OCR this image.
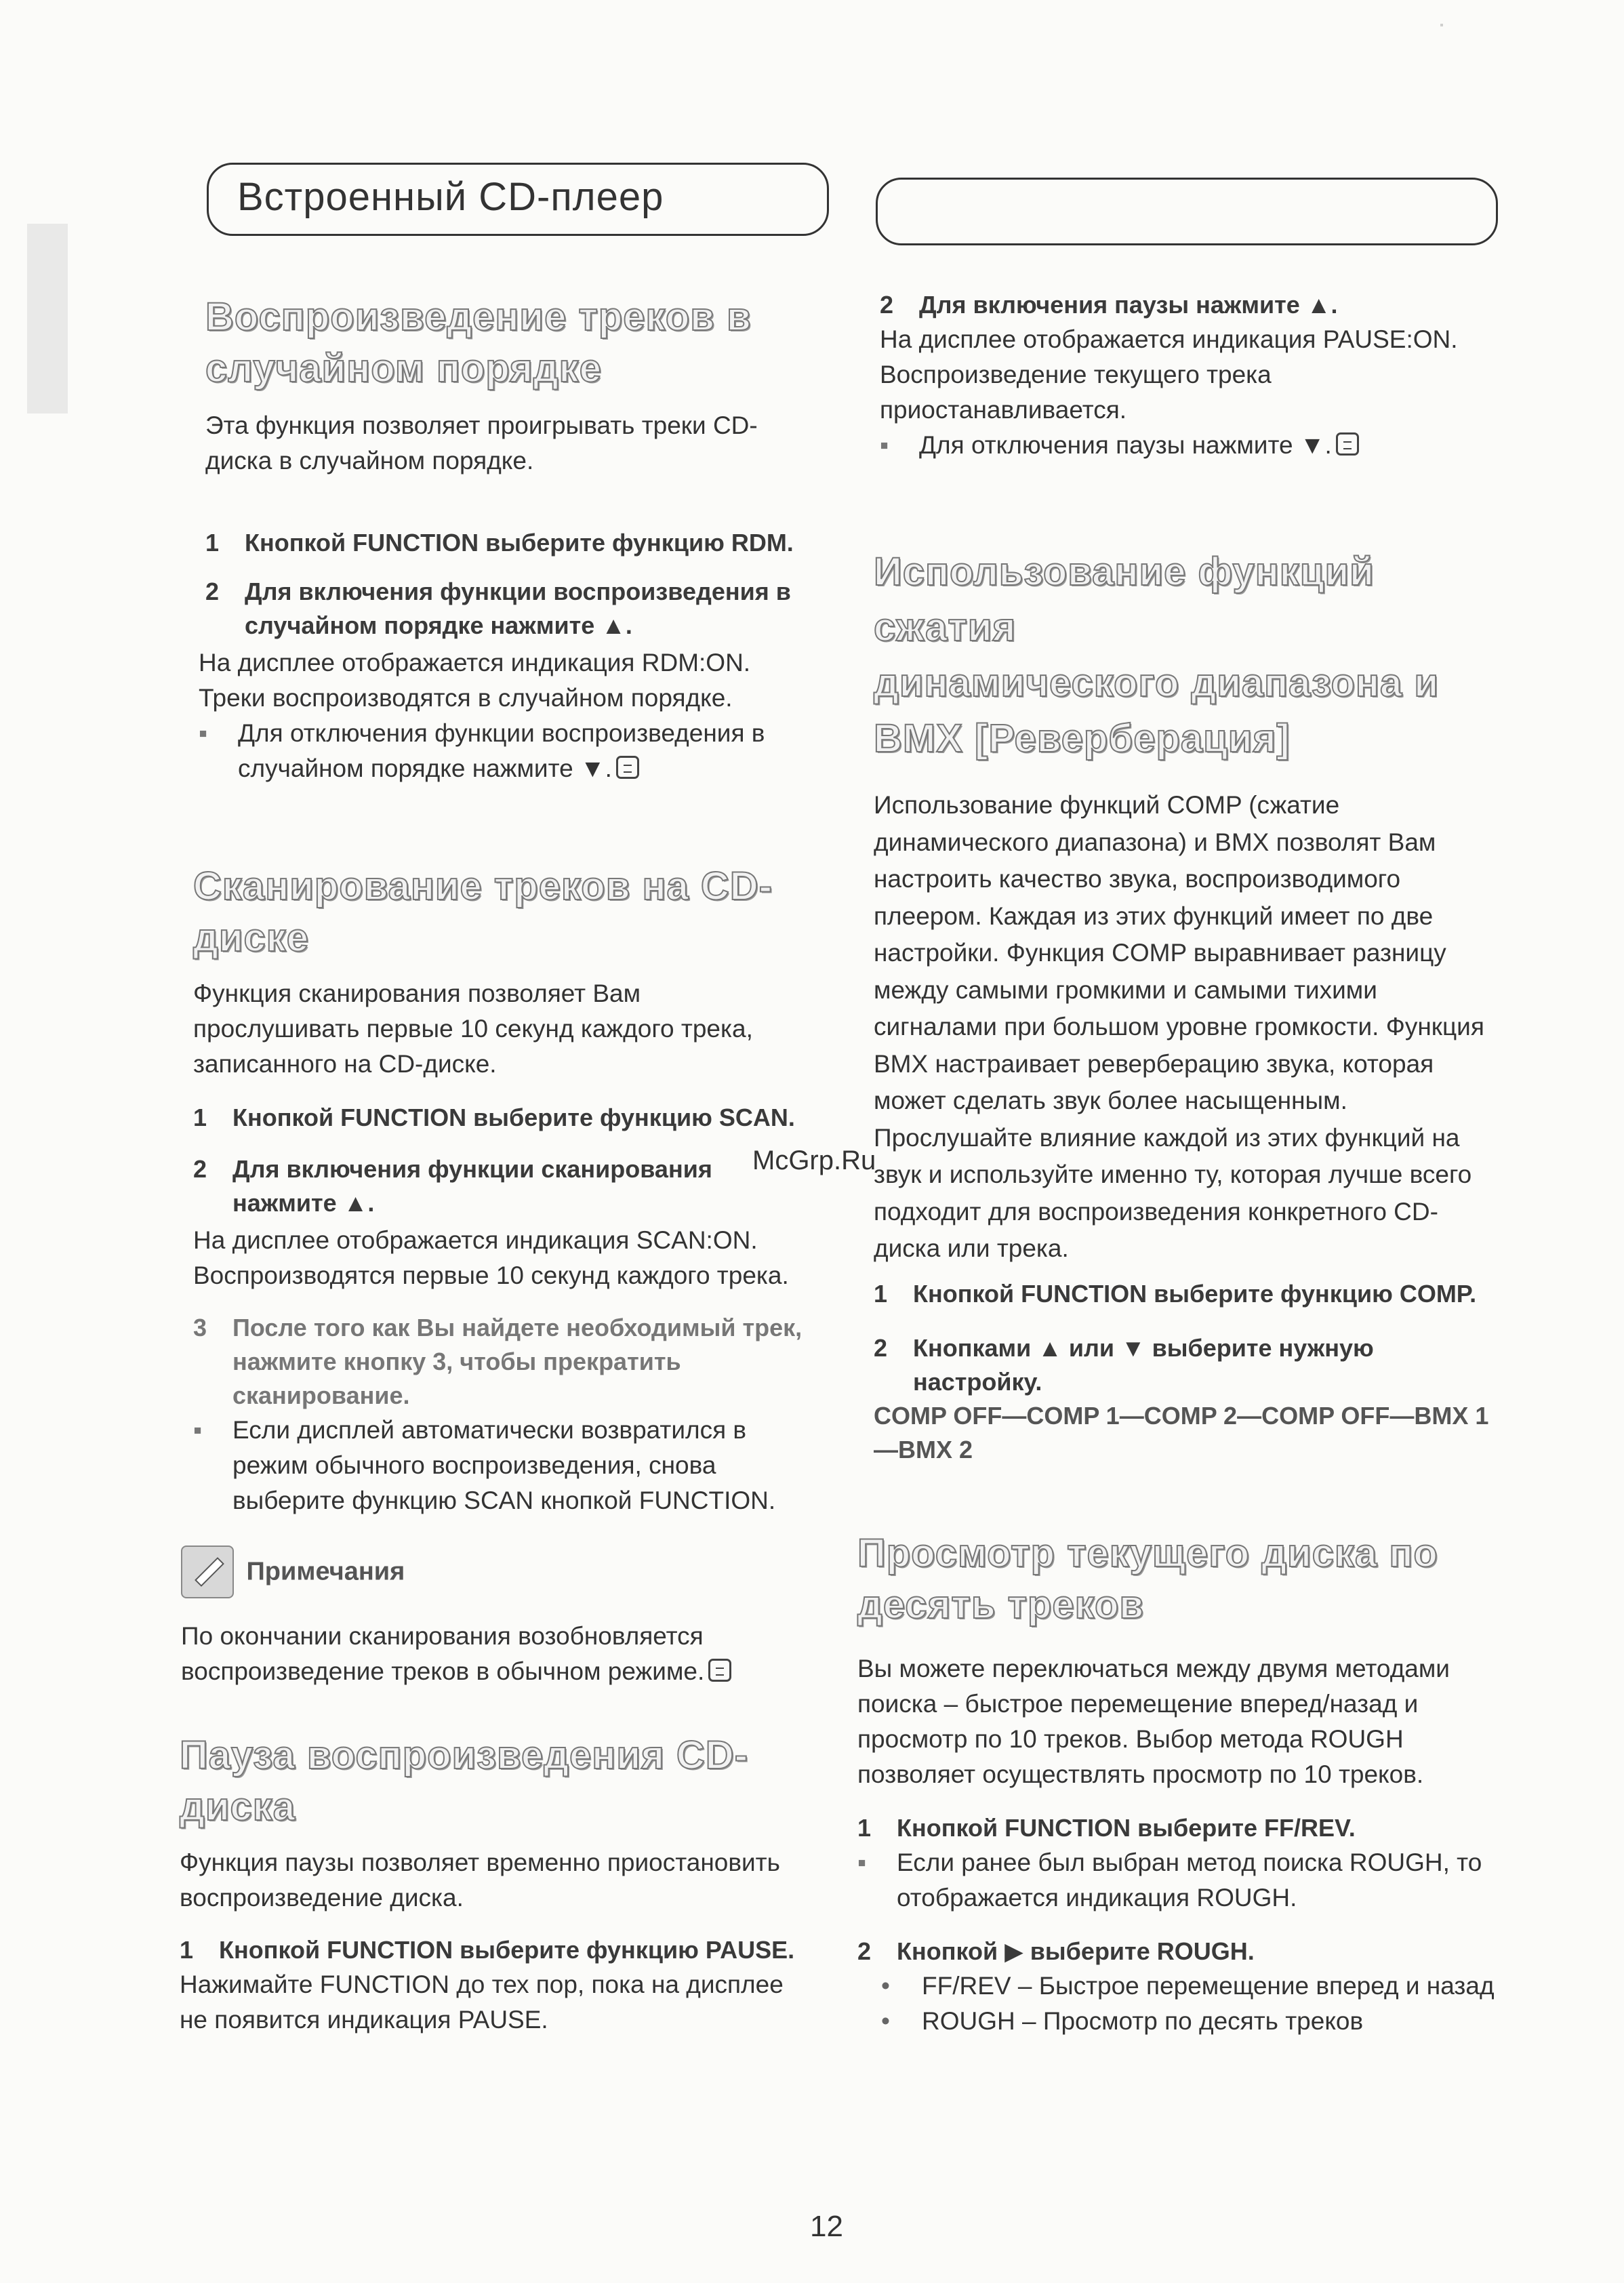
Встроенный CD-плеер
Воспроизведение треков в
случайном порядке

Эта функция позволяет проигрывать треки CD-диска в случайном порядке.

1	Кнопкой FUNCTION выберите функцию RDM.
2	Для включения функции воспроизведения в случайном порядке нажмите ▲.

На дисплее отображается индикация RDM:ON. Треки воспроизводятся в случайном порядке.

▪	Для отключения функции воспроизведения в случайном порядке нажмите ▼.
Сканирование треков на CD-
диске

Функция сканирования позволяет Вам прослушивать первые 10 секунд каждого трека, записанного на CD-диске.

1	Кнопкой FUNCTION выберите функцию SCAN.
2	Для включения функции сканирования нажмите ▲.

На дисплее отображается индикация SCAN:ON. Воспроизводятся первые 10 секунд каждого трека.

3	После того как Вы найдете необходимый трек, нажмите кнопку 3, чтобы прекратить сканирование.
▪	Если дисплей автоматически возвратился в режим обычного воспроизведения, снова выберите функцию SCAN кнопкой FUNCTION.
Примечания

По окончании сканирования возобновляется воспроизведение треков в обычном режиме.

Пауза воспроизведения CD-диска

Функция паузы позволяет временно приостановить воспроизведение диска.

1	Кнопкой FUNCTION выберите функцию PAUSE.

Нажимайте FUNCTION до тех пор, пока на дисплее не появится индикация PAUSE.

2	Для включения паузы нажмите ▲.

На дисплее отображается индикация PAUSE:ON. Воспроизведение текущего трека приостанавливается.

▪	Для отключения паузы нажмите ▼.
Использование функций сжатия
динамического диапазона и
BMX [Реверберация]

Использование функций COMP (сжатие динамического диапазона) и BMX позволят Вам настроить качество звука, воспроизводимого плеером. Каждая из этих функций имеет по две настройки. Функция COMP выравнивает разницу между самыми громкими и самыми тихими сигналами при большом уровне громкости. Функция BMX настраивает реверберацию звука, которая может сделать звук более насыщенным. Прослушайте влияние каждой из этих функций на звук и используйте именно ту, которая лучше всего подходит для воспроизведения конкретного CD-диска или трека.

1	Кнопкой FUNCTION выберите функцию COMP.
2	Кнопками ▲ или ▼ выберите нужную настройку.
COMP OFF—COMP 1—COMP 2—COMP OFF—BMX 1—BMX 2
Просмотр текущего диска по
десять треков

Вы можете переключаться между двумя методами поиска – быстрое перемещение вперед/назад и просмотр по 10 треков. Выбор метода ROUGH позволяет осуществлять просмотр по 10 треков.

1	Кнопкой FUNCTION выберите FF/REV.
▪	Если ранее был выбран метод поиска ROUGH, то отображается индикация ROUGH.
2	Кнопкой ▶ выберите ROUGH.
•	FF/REV – Быстрое перемещение вперед и назад
•	ROUGH – Просмотр по десять треков
McGrp.Ru
12
